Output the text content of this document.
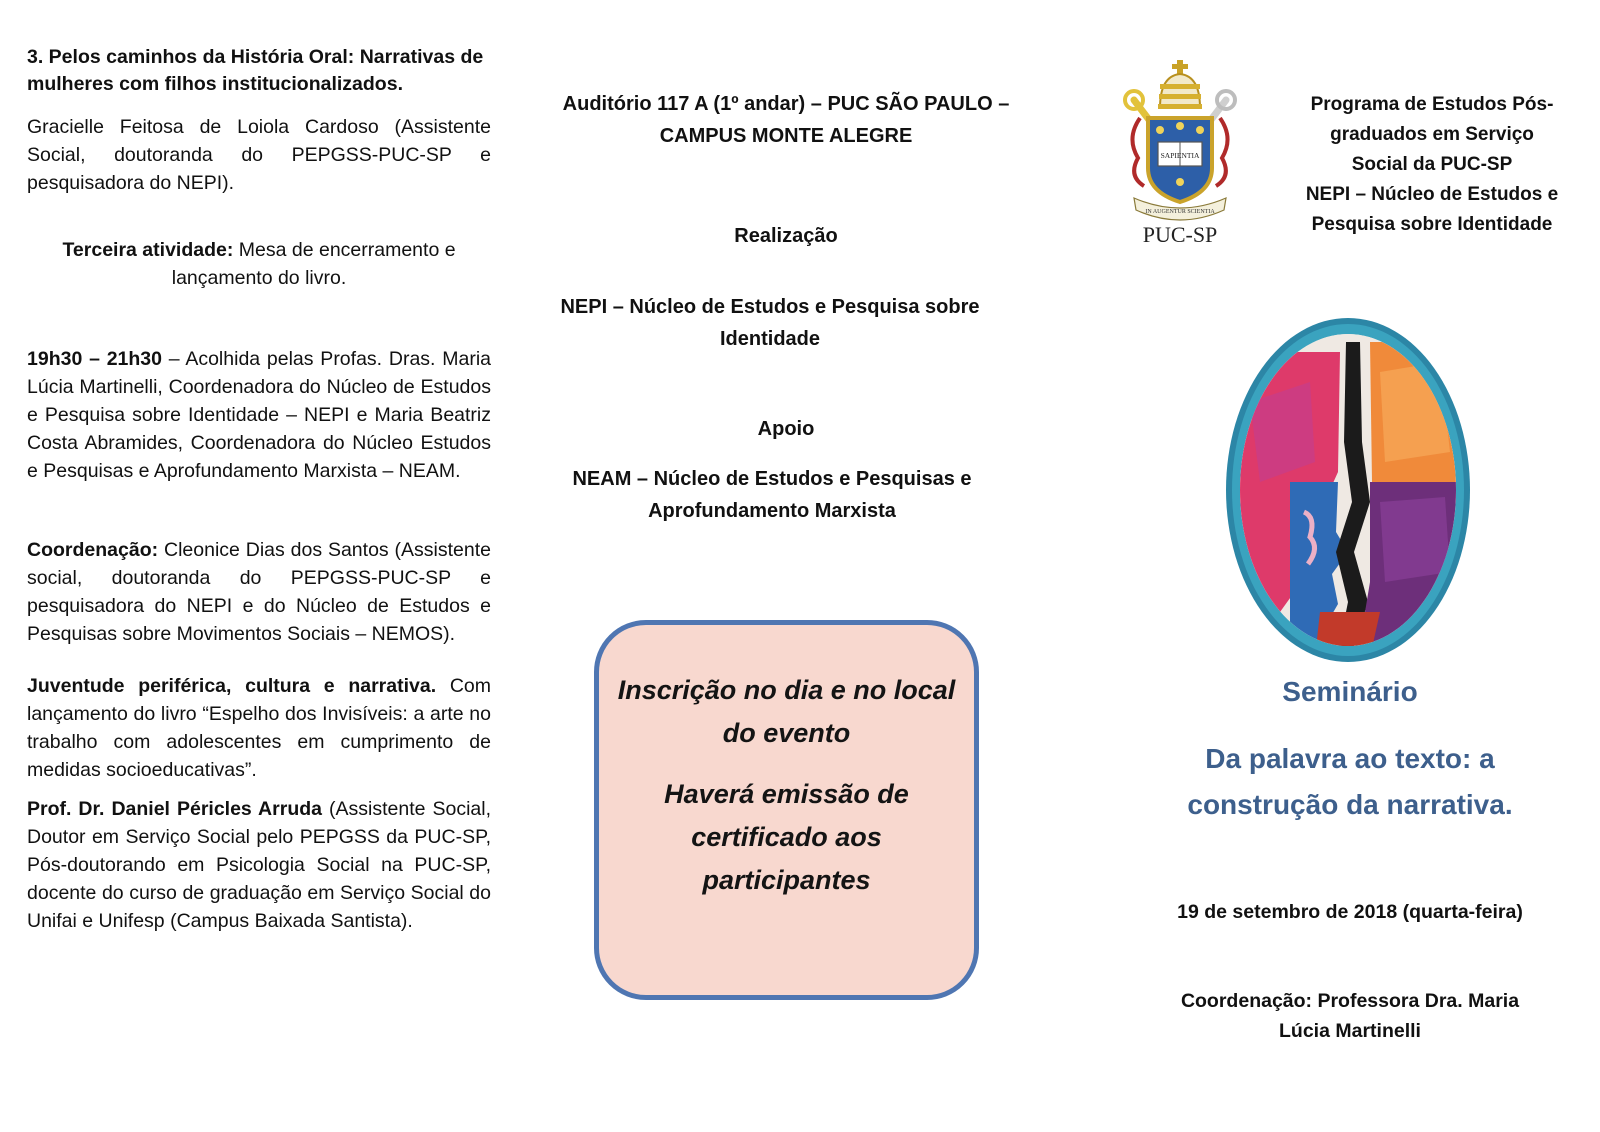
3. Pelos caminhos da História Oral: Narrativas de mulheres com filhos institucionalizados.

Gracielle Feitosa de Loiola Cardoso (Assistente Social, doutoranda do PEPGSS-PUC-SP e pesquisadora do NEPI).

Terceira atividade: Mesa de encerramento e lançamento do livro.

19h30 – 21h30 – Acolhida pelas Profas. Dras. Maria Lúcia Martinelli, Coordenadora do Núcleo de Estudos e Pesquisa sobre Identidade – NEPI e Maria Beatriz Costa Abramides, Coordenadora do Núcleo Estudos e Pesquisas e Aprofundamento Marxista – NEAM.

Coordenação: Cleonice Dias dos Santos (Assistente social, doutoranda do PEPGSS-PUC-SP e pesquisadora do NEPI e do Núcleo de Estudos e Pesquisas sobre Movimentos Sociais – NEMOS).

Juventude periférica, cultura e narrativa. Com lançamento do livro “Espelho dos Invisíveis: a arte no trabalho com adolescentes em cumprimento de medidas socioeducativas”.

Prof. Dr. Daniel Péricles Arruda (Assistente Social, Doutor em Serviço Social pelo PEPGSS da PUC-SP, Pós-doutorando em Psicologia Social na PUC-SP, docente do curso de graduação em Serviço Social do Unifai e Unifesp (Campus Baixada Santista).

Auditório 117 A (1º andar) – PUC SÃO PAULO –
CAMPUS MONTE ALEGRE
Realização
NEPI – Núcleo de Estudos e Pesquisa sobre
Identidade
Apoio
NEAM – Núcleo de Estudos e Pesquisas e
Aprofundamento Marxista

Inscrição no dia e no local

do evento

Haverá emissão de

certificado aos

participantes

SAPIENTIA
IN AUGENTUR SCIENTIA
PUC-SP
Programa de Estudos Pós-
graduados em Serviço
Social da PUC-SP
NEPI – Núcleo de Estudos e
Pesquisa sobre Identidade
Seminário
Da palavra ao texto: a
construção da narrativa.
19 de setembro de 2018 (quarta-feira)
Coordenação: Professora Dra. Maria
Lúcia Martinelli
